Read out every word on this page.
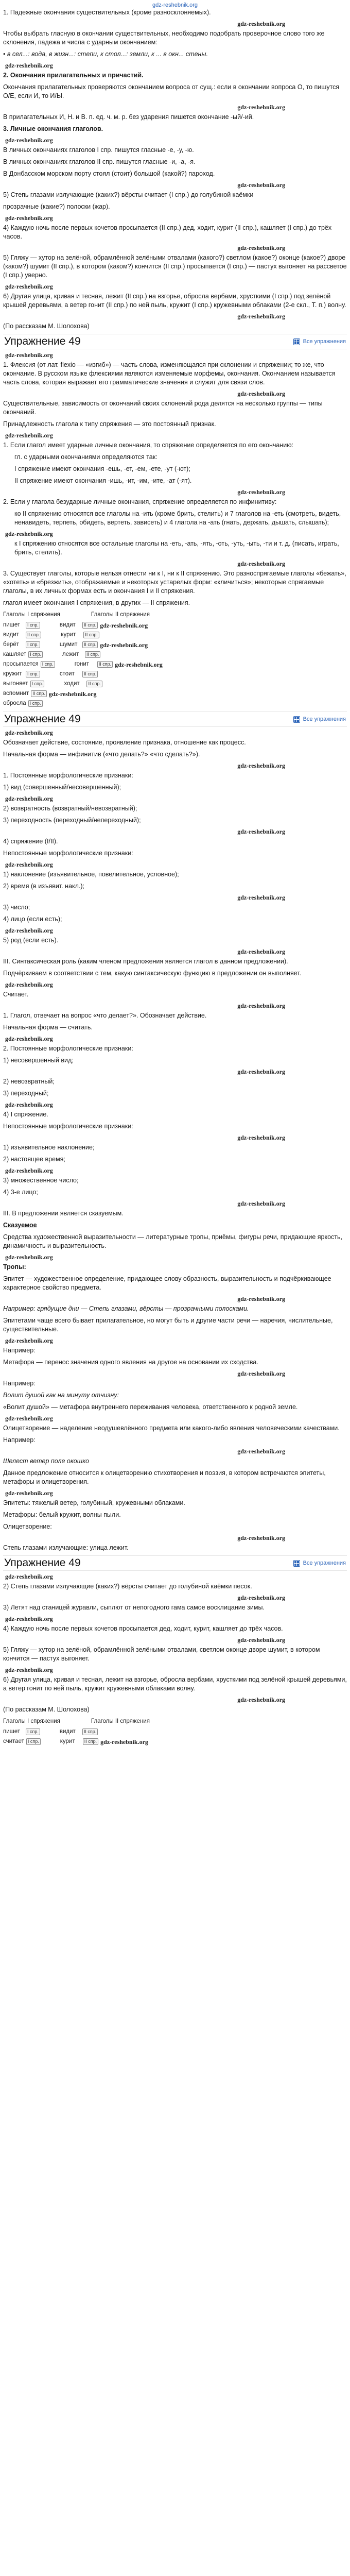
gdz-reshebnik.org

1. Падежные окончания существительных (кроме разносклоняемых).

gdz-reshebnik.org

Чтобы выбрать гласную в окончании существительных, необходимо подобрать проверочное слово того же склонения, падежа и числа с ударным окончанием:

• в сел...: вода, в жизн...: степи, к стол...: земли, к ... в окн... стены.

gdz-reshebnik.org

2. Окончания прилагательных и причастий.

Окончания прилагательных проверяются окончанием вопроса от сущ.: если в окончании вопроса О, то пишутся О/Е, если И, то И/Ы.

gdz-reshebnik.org

В прилагательных И, Н. и В. п. ед. ч. м. р. без ударения пишется окончание -ый/-ий.

3. Личные окончания глаголов.

gdz-reshebnik.org

В личных окончаниях глаголов I спр. пишутся гласные -е, -у, -ю.

В личных окончаниях глаголов II спр. пишутся гласные -и, -а, -я.

В Донбасском морском порту стоял (стоит) большой (какой?) пароход.

gdz-reshebnik.org

5) Степь глазами излучающие (каких?) вёрсты считает (I спр.) до голубиной каёмки

прозрачные (какие?) полоски (жар).

gdz-reshebnik.org

4) Каждую ночь после первых кочетов просыпается (II спр.) дед, ходит, курит (II спр.), кашляет (I спр.) до трёх часов.

gdz-reshebnik.org

5) Гляжу — хутор на зелёной, обрамлённой зелёными отвалами (какого?) светлом (какое?) оконце (какое?) дворе (каком?) шумит (II спр.), в котором (каком?) кончится (II спр.) просыпается (I спр.) — пастух выгоняет на рассветое (I спр.) уверно.

gdz-reshebnik.org

6) Другая улица, кривая и тесная, лежит (II спр.) на взгорье, обросла вербами, хрусткими (I спр.) под зелёной крышей деревьями, а ветер гонит (II спр.) по ней пыль, кружит (I спр.) кружевными облаками (2-е скл., Т. п.) волну.

gdz-reshebnik.org

(По рассказам М. Шолохова)

Упражнение 49	Все упражнения
gdz-reshebnik.org

1. Флексия (от лат. flexio — «изгиб») — часть слова, изменяющаяся при склонении и спряжении; то же, что окончание. В русском языке флексиями являются изменяемые морфемы, окончания. Окончанием называется часть слова, которая выражает его грамматические значения и служит для связи слов.

gdz-reshebnik.org

Существительные, зависимость от окончаний своих склонений рода делятся на несколько группы — типы окончаний.

Принадлежность глагола к типу спряжения — это постоянный признак.

gdz-reshebnik.org

1. Если глагол имеет ударные личные окончания, то спряжение определяется по его окончанию:

гл. с ударными окончаниями определяются так:

I спряжение имеют окончания -ешь, -ет, -ем, -ете, -ут (-ют);

II спряжение имеют окончания -ишь, -ит, -им, -ите, -ат (-ят).

gdz-reshebnik.org

2. Если у глагола безударные личные окончания, спряжение определяется по инфинитиву:

ко II спряжению относятся все глаголы на -ить (кроме брить, стелить) и 7 глаголов на -еть (смотреть, видеть, ненавидеть, терпеть, обидеть, вертеть, зависеть) и 4 глагола на -ать (гнать, держать, дышать, слышать);

gdz-reshebnik.org

к I спряжению относятся все остальные глаголы на -еть, -ать, -ять, -оть, -уть, -ыть, -ти и т. д. (писать, играть, брить, стелить).

gdz-reshebnik.org

3. Существует глаголы, которые нельзя отнести ни к I, ни к II спряжению. Это разноспрягаемые глаголы «бежать», «хотеть» и «брезжить», отображаемые и некоторых устарелых форм: «кличиться»; некоторые спрягаемые глаголы, в их личных формах есть и окончания I и II спряжения.

глагол имеет окончания I спряжения, в других — II спряжения.

Глаголы I спряжения	Глаголы II спряжения
пишет	I спр.	видит	II спр. gdz-reshebnik.org
видит	II спр.	курит	II спр.
берёт	I спр.	шумит	II спр. gdz-reshebnik.org
кашляет I спр.	лежит	II спр.
просыпается I спр.	гонит	II спр. gdz-reshebnik.org
кружит	I спр.	стоит	II спр.
выгоняет I спр.	ходит	II спр.
вспомнит II спр. gdz-reshebnik.org
обросла I спр.
Упражнение 49	Все упражнения
gdz-reshebnik.org

Обозначает действие, состояние, проявление признака, отношение как процесс.

Начальная форма — инфинитив («что делать?» «что сделать?»).

gdz-reshebnik.org

1. Постоянные морфологические признаки:

1) вид (совершенный/несовершенный);

gdz-reshebnik.org

2) возвратность (возвратный/невозвратный);

3) переходность (переходный/непереходный);

gdz-reshebnik.org

4) спряжение (I/II).

Непостоянные морфологические признаки:

gdz-reshebnik.org

1) наклонение (изъявительное, повелительное, условное);

2) время (в изъявит. накл.);

gdz-reshebnik.org

3) число;

4) лицо (если есть);

gdz-reshebnik.org

5) род (если есть).

gdz-reshebnik.org

III. Синтаксическая роль (каким членом предложения является глагол в данном предложении).

Подчёркиваем в соответствии с тем, какую синтаксическую функцию в предложении он выполняет.

gdz-reshebnik.org

Считает.

gdz-reshebnik.org

1. Глагол, отвечает на вопрос «что делает?». Обозначает действие.

Начальная форма — считать.

gdz-reshebnik.org

2. Постоянные морфологические признаки:

1) несовершенный вид;

gdz-reshebnik.org

2) невозвратный;

3) переходный;

gdz-reshebnik.org

4) I спряжение.

Непостоянные морфологические признаки:

gdz-reshebnik.org

1) изъявительное наклонение;

2) настоящее время;

gdz-reshebnik.org

3) множественное число;

4) 3-е лицо;

gdz-reshebnik.org

III. В предложении является сказуемым.

Сказуемое

Средства художественной выразительности — литературные тропы, приёмы, фигуры речи, придающие яркость, динамичность и выразительность.

gdz-reshebnik.org

Тропы:

Эпитет — художественное определение, придающее слову образность, выразительность и подчёркивающее характерное свойство предмета.

gdz-reshebnik.org

Например: грядущие дни — Степь глазами, вёрсты — прозрачными полосками.

Эпитетами чаще всего бывает прилагательное, но могут быть и другие части речи — наречия, числительные, существительные.

gdz-reshebnik.org

Например:

Метафора — перенос значения одного явления на другое на основании их сходства.

gdz-reshebnik.org

Например:

Волит душой как на минуту отчизну:

«Волит душой» — метафора внутреннего переживания человека, ответственного к родной земле.

gdz-reshebnik.org

Олицетворение — наделение неодушевлённого предмета или какого-либо явления человеческими качествами.

Например:

gdz-reshebnik.org

Шелест ветер поле окошко

Данное предложение относится к олицетворению стихотворения и поэзия, в котором встречаются эпитеты, метафоры и олицетворения.

gdz-reshebnik.org

Эпитеты: тяжелый ветер, голубиный, кружевными облаками.

Метафоры: белый кружит, волны пыли.

Олицетворение:

gdz-reshebnik.org

Степь глазами излучающие: улица лежит.

Упражнение 49	Все упражнения
gdz-reshebnik.org

2) Степь глазами излучающие (каких?) вёрсты считает до голубиной каёмки песок.

gdz-reshebnik.org

3) Летят над станицей журавли, сыплют от непогодного гама самое восклицание зимы.

gdz-reshebnik.org

4) Каждую ночь после первых кочетов просыпается дед, ходит, курит, кашляет до трёх часов.

gdz-reshebnik.org

5) Гляжу — хутор на зелёной, обрамлённой зелёными отвалами, светлом оконце дворе шумит, в котором кончится — пастух выгоняет.

gdz-reshebnik.org

6) Другая улица, кривая и тесная, лежит на взгорье, обросла вербами, хрусткими под зелёной крышей деревьями, а ветер гонит по ней пыль, кружит кружевными облаками волну.

gdz-reshebnik.org

(По рассказам М. Шолохова)

Глаголы I спряжения	Глаголы II спряжения
пишет	I спр.	видит	II спр.
считает I спр.	курит	II спр. gdz-reshebnik.org
